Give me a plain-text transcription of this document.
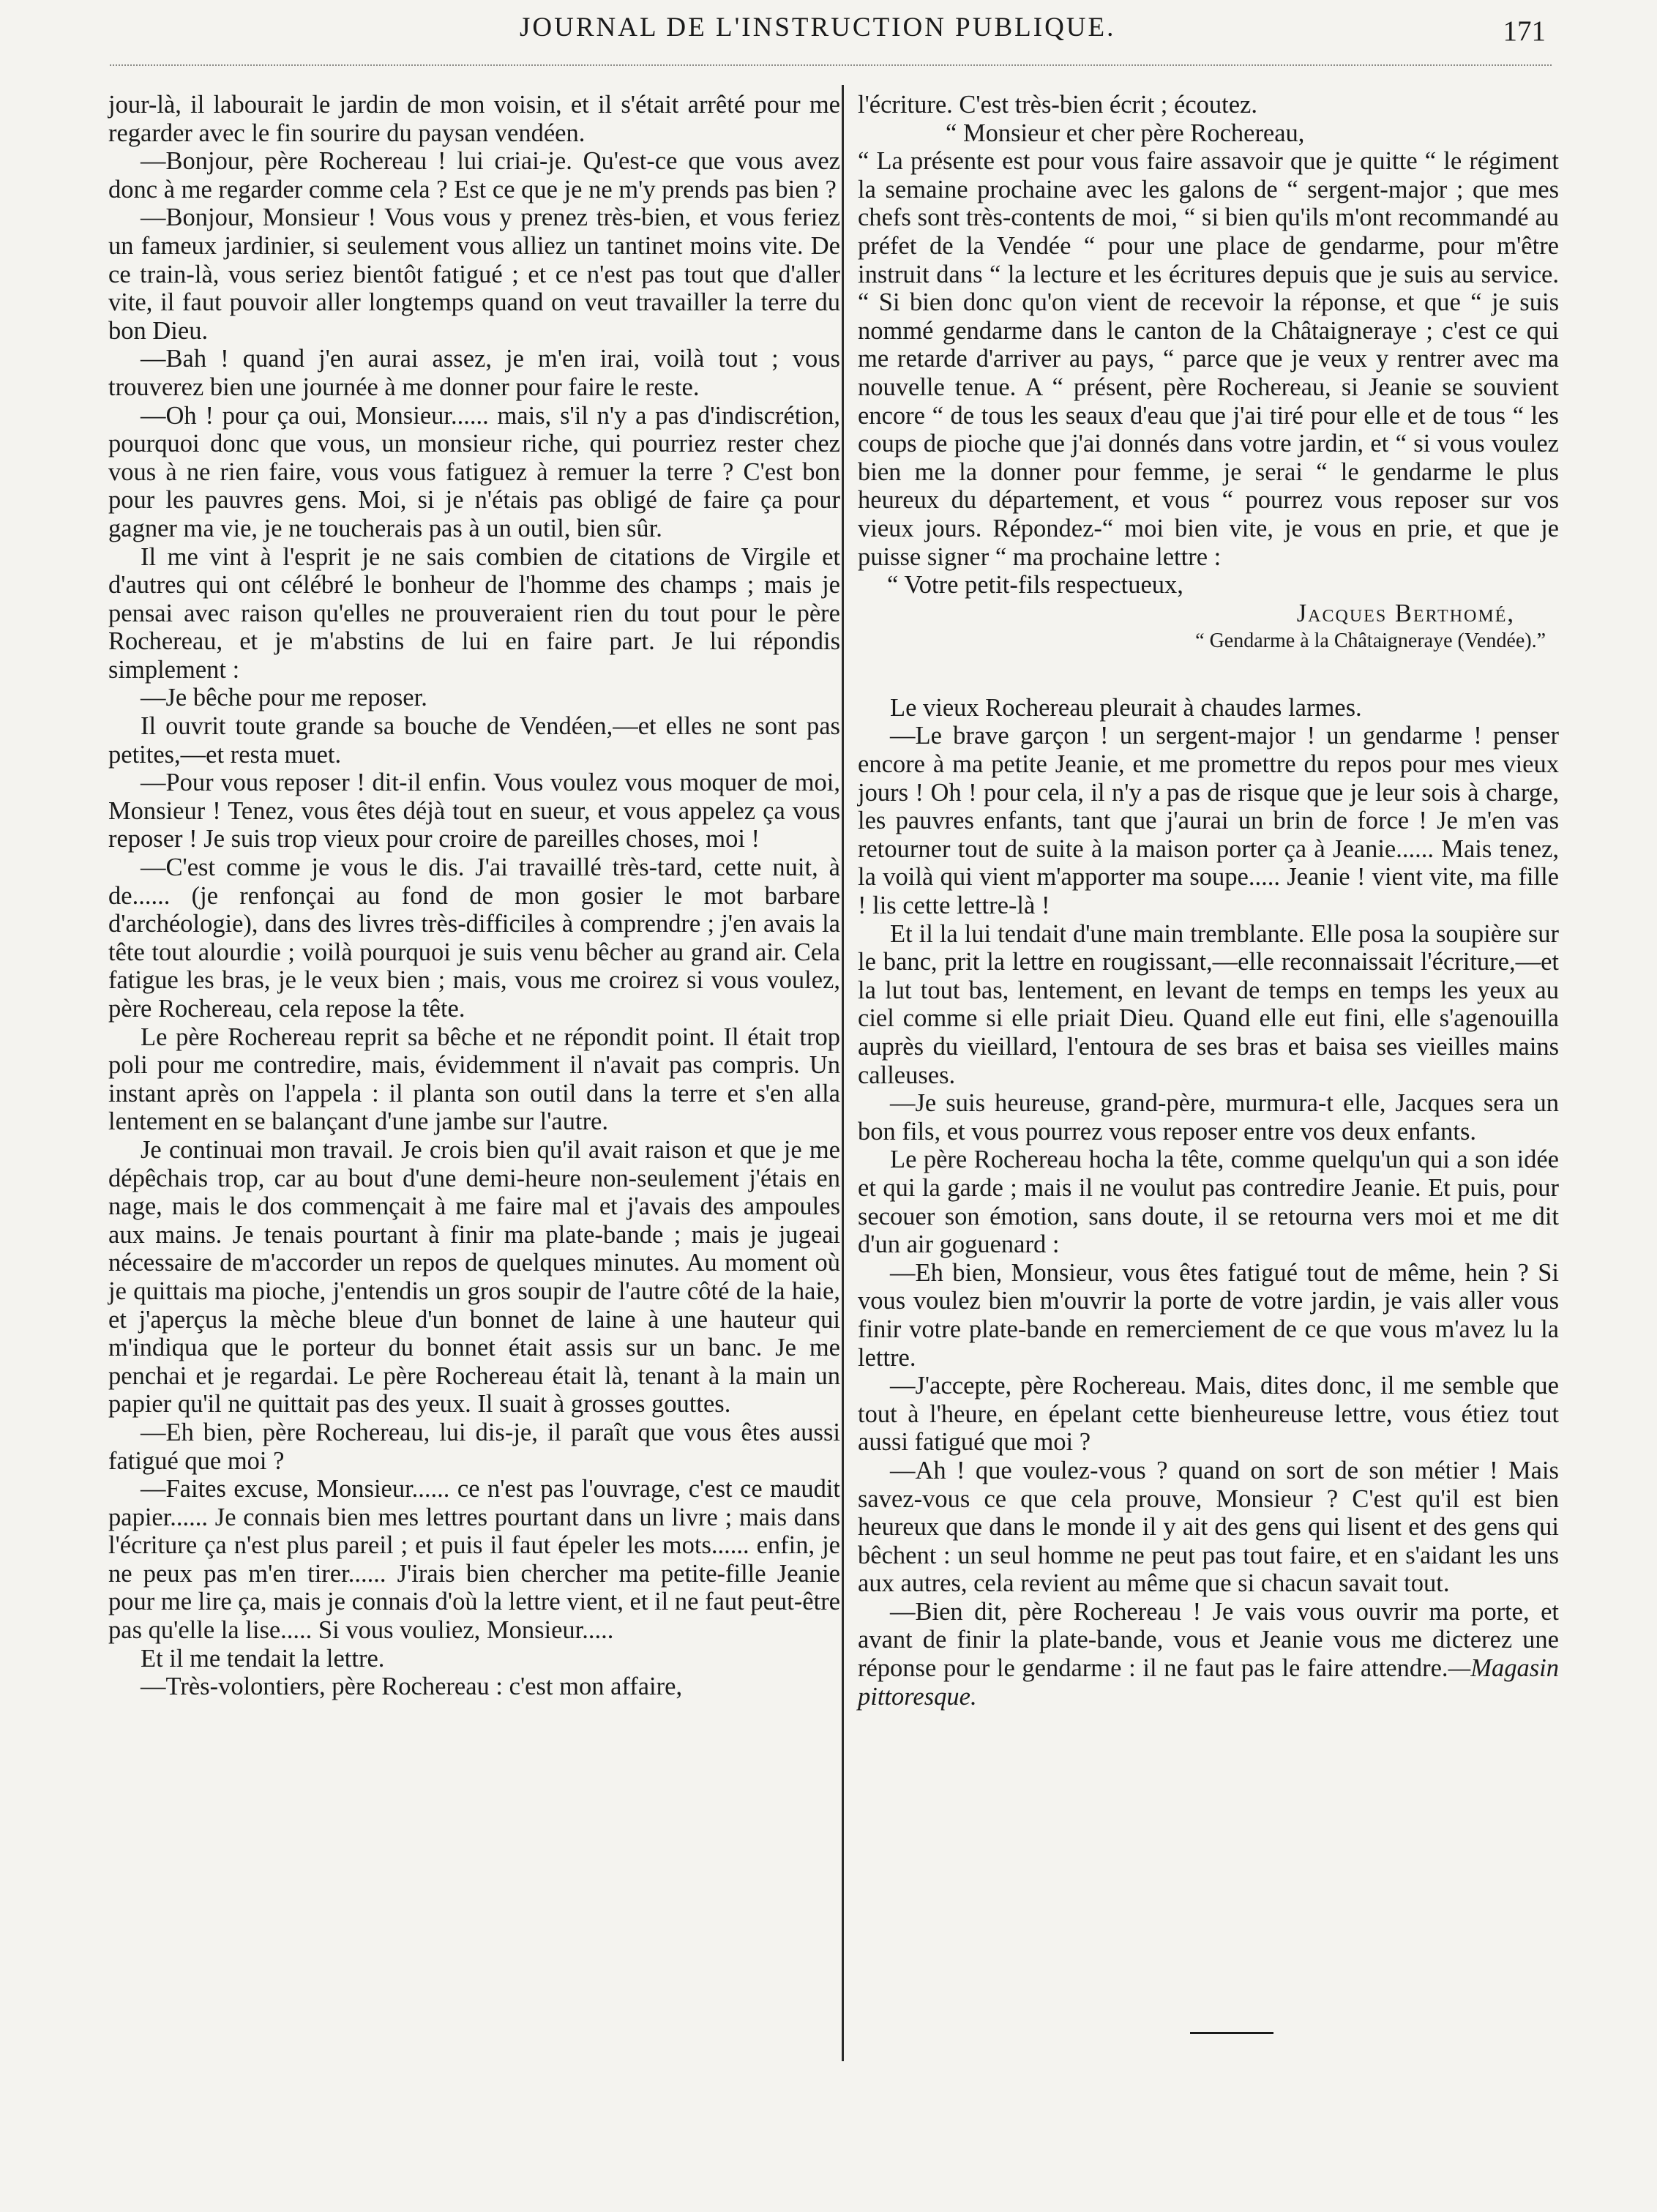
JOURNAL DE L'INSTRUCTION PUBLIQUE.	171

jour-là, il labourait le jardin de mon voisin, et il s'était arrêté pour me regarder avec le fin sourire du paysan vendéen.

—Bonjour, père Rochereau ! lui criai-je. Qu'est-ce que vous avez donc à me regarder comme cela ? Est ce que je ne m'y prends pas bien ?

—Bonjour, Monsieur ! Vous vous y prenez très-bien, et vous feriez un fameux jardinier, si seulement vous alliez un tantinet moins vite. De ce train-là, vous seriez bientôt fatigué ; et ce n'est pas tout que d'aller vite, il faut pouvoir aller longtemps quand on veut travailler la terre du bon Dieu.

—Bah ! quand j'en aurai assez, je m'en irai, voilà tout ; vous trouverez bien une journée à me donner pour faire le reste.

—Oh ! pour ça oui, Monsieur...... mais, s'il n'y a pas d'indiscrétion, pourquoi donc que vous, un monsieur riche, qui pourriez rester chez vous à ne rien faire, vous vous fatiguez à remuer la terre ? C'est bon pour les pauvres gens. Moi, si je n'étais pas obligé de faire ça pour gagner ma vie, je ne toucherais pas à un outil, bien sûr.

Il me vint à l'esprit je ne sais combien de citations de Virgile et d'autres qui ont célébré le bonheur de l'homme des champs ; mais je pensai avec raison qu'elles ne prouveraient rien du tout pour le père Rochereau, et je m'abstins de lui en faire part. Je lui répondis simplement :

—Je bêche pour me reposer.

Il ouvrit toute grande sa bouche de Vendéen,—et elles ne sont pas petites,—et resta muet.

—Pour vous reposer ! dit-il enfin. Vous voulez vous moquer de moi, Monsieur ! Tenez, vous êtes déjà tout en sueur, et vous appelez ça vous reposer ! Je suis trop vieux pour croire de pareilles choses, moi !

—C'est comme je vous le dis. J'ai travaillé très-tard, cette nuit, à de...... (je renfonçai au fond de mon gosier le mot barbare d'archéologie), dans des livres très-difficiles à comprendre ; j'en avais la tête tout alourdie ; voilà pourquoi je suis venu bêcher au grand air. Cela fatigue les bras, je le veux bien ; mais, vous me croirez si vous voulez, père Rochereau, cela repose la tête.

Le père Rochereau reprit sa bêche et ne répondit point. Il était trop poli pour me contredire, mais, évidemment il n'avait pas compris. Un instant après on l'appela : il planta son outil dans la terre et s'en alla lentement en se balançant d'une jambe sur l'autre.

Je continuai mon travail. Je crois bien qu'il avait raison et que je me dépêchais trop, car au bout d'une demi-heure non-seulement j'étais en nage, mais le dos commençait à me faire mal et j'avais des ampoules aux mains. Je tenais pourtant à finir ma plate-bande ; mais je jugeai nécessaire de m'accorder un repos de quelques minutes. Au moment où je quittais ma pioche, j'entendis un gros soupir de l'autre côté de la haie, et j'aperçus la mèche bleue d'un bonnet de laine à une hauteur qui m'indiqua que le porteur du bonnet était assis sur un banc. Je me penchai et je regardai. Le père Rochereau était là, tenant à la main un papier qu'il ne quittait pas des yeux. Il suait à grosses gouttes.

—Eh bien, père Rochereau, lui dis-je, il paraît que vous êtes aussi fatigué que moi ?

—Faites excuse, Monsieur...... ce n'est pas l'ouvrage, c'est ce maudit papier...... Je connais bien mes lettres pourtant dans un livre ; mais dans l'écriture ça n'est plus pareil ; et puis il faut épeler les mots...... enfin, je ne peux pas m'en tirer...... J'irais bien chercher ma petite-fille Jeanie pour me lire ça, mais je connais d'où la lettre vient, et il ne faut peut-être pas qu'elle la lise..... Si vous vouliez, Monsieur.....

Et il me tendait la lettre.

—Très-volontiers, père Rochereau : c'est mon affaire,

l'écriture. C'est très-bien écrit ; écoutez.

“ Monsieur et cher père Rochereau,

“ La présente est pour vous faire assavoir que je quitte “ le régiment la semaine prochaine avec les galons de “ sergent-major ; que mes chefs sont très-contents de moi, “ si bien qu'ils m'ont recommandé au préfet de la Vendée “ pour une place de gendarme, pour m'être instruit dans “ la lecture et les écritures depuis que je suis au service. “ Si bien donc qu'on vient de recevoir la réponse, et que “ je suis nommé gendarme dans le canton de la Châtaigneraye ; c'est ce qui me retarde d'arriver au pays, “ parce que je veux y rentrer avec ma nouvelle tenue. A “ présent, père Rochereau, si Jeanie se souvient encore “ de tous les seaux d'eau que j'ai tiré pour elle et de tous “ les coups de pioche que j'ai donnés dans votre jardin, et “ si vous voulez bien me la donner pour femme, je serai “ le gendarme le plus heureux du département, et vous “ pourrez vous reposer sur vos vieux jours. Répondez-“ moi bien vite, je vous en prie, et que je puisse signer “ ma prochaine lettre :

“ Votre petit-fils respectueux,

Jacques Berthomé,

“ Gendarme à la Châtaigneraye (Vendée).”

Le vieux Rochereau pleurait à chaudes larmes.

—Le brave garçon ! un sergent-major ! un gendarme ! penser encore à ma petite Jeanie, et me promettre du repos pour mes vieux jours ! Oh ! pour cela, il n'y a pas de risque que je leur sois à charge, les pauvres enfants, tant que j'aurai un brin de force ! Je m'en vas retourner tout de suite à la maison porter ça à Jeanie...... Mais tenez, la voilà qui vient m'apporter ma soupe..... Jeanie ! vient vite, ma fille ! lis cette lettre-là !

Et il la lui tendait d'une main tremblante. Elle posa la soupière sur le banc, prit la lettre en rougissant,—elle reconnaissait l'écriture,—et la lut tout bas, lentement, en levant de temps en temps les yeux au ciel comme si elle priait Dieu. Quand elle eut fini, elle s'agenouilla auprès du vieillard, l'entoura de ses bras et baisa ses vieilles mains calleuses.

—Je suis heureuse, grand-père, murmura-t elle, Jacques sera un bon fils, et vous pourrez vous reposer entre vos deux enfants.

Le père Rochereau hocha la tête, comme quelqu'un qui a son idée et qui la garde ; mais il ne voulut pas contredire Jeanie. Et puis, pour secouer son émotion, sans doute, il se retourna vers moi et me dit d'un air goguenard :

—Eh bien, Monsieur, vous êtes fatigué tout de même, hein ? Si vous voulez bien m'ouvrir la porte de votre jardin, je vais aller vous finir votre plate-bande en remerciement de ce que vous m'avez lu la lettre.

—J'accepte, père Rochereau. Mais, dites donc, il me semble que tout à l'heure, en épelant cette bienheureuse lettre, vous étiez tout aussi fatigué que moi ?

—Ah ! que voulez-vous ? quand on sort de son métier ! Mais savez-vous ce que cela prouve, Monsieur ? C'est qu'il est bien heureux que dans le monde il y ait des gens qui lisent et des gens qui bêchent : un seul homme ne peut pas tout faire, et en s'aidant les uns aux autres, cela revient au même que si chacun savait tout.

—Bien dit, père Rochereau ! Je vais vous ouvrir ma porte, et avant de finir la plate-bande, vous et Jeanie vous me dicterez une réponse pour le gendarme : il ne faut pas le faire attendre.—Magasin pittoresque.
